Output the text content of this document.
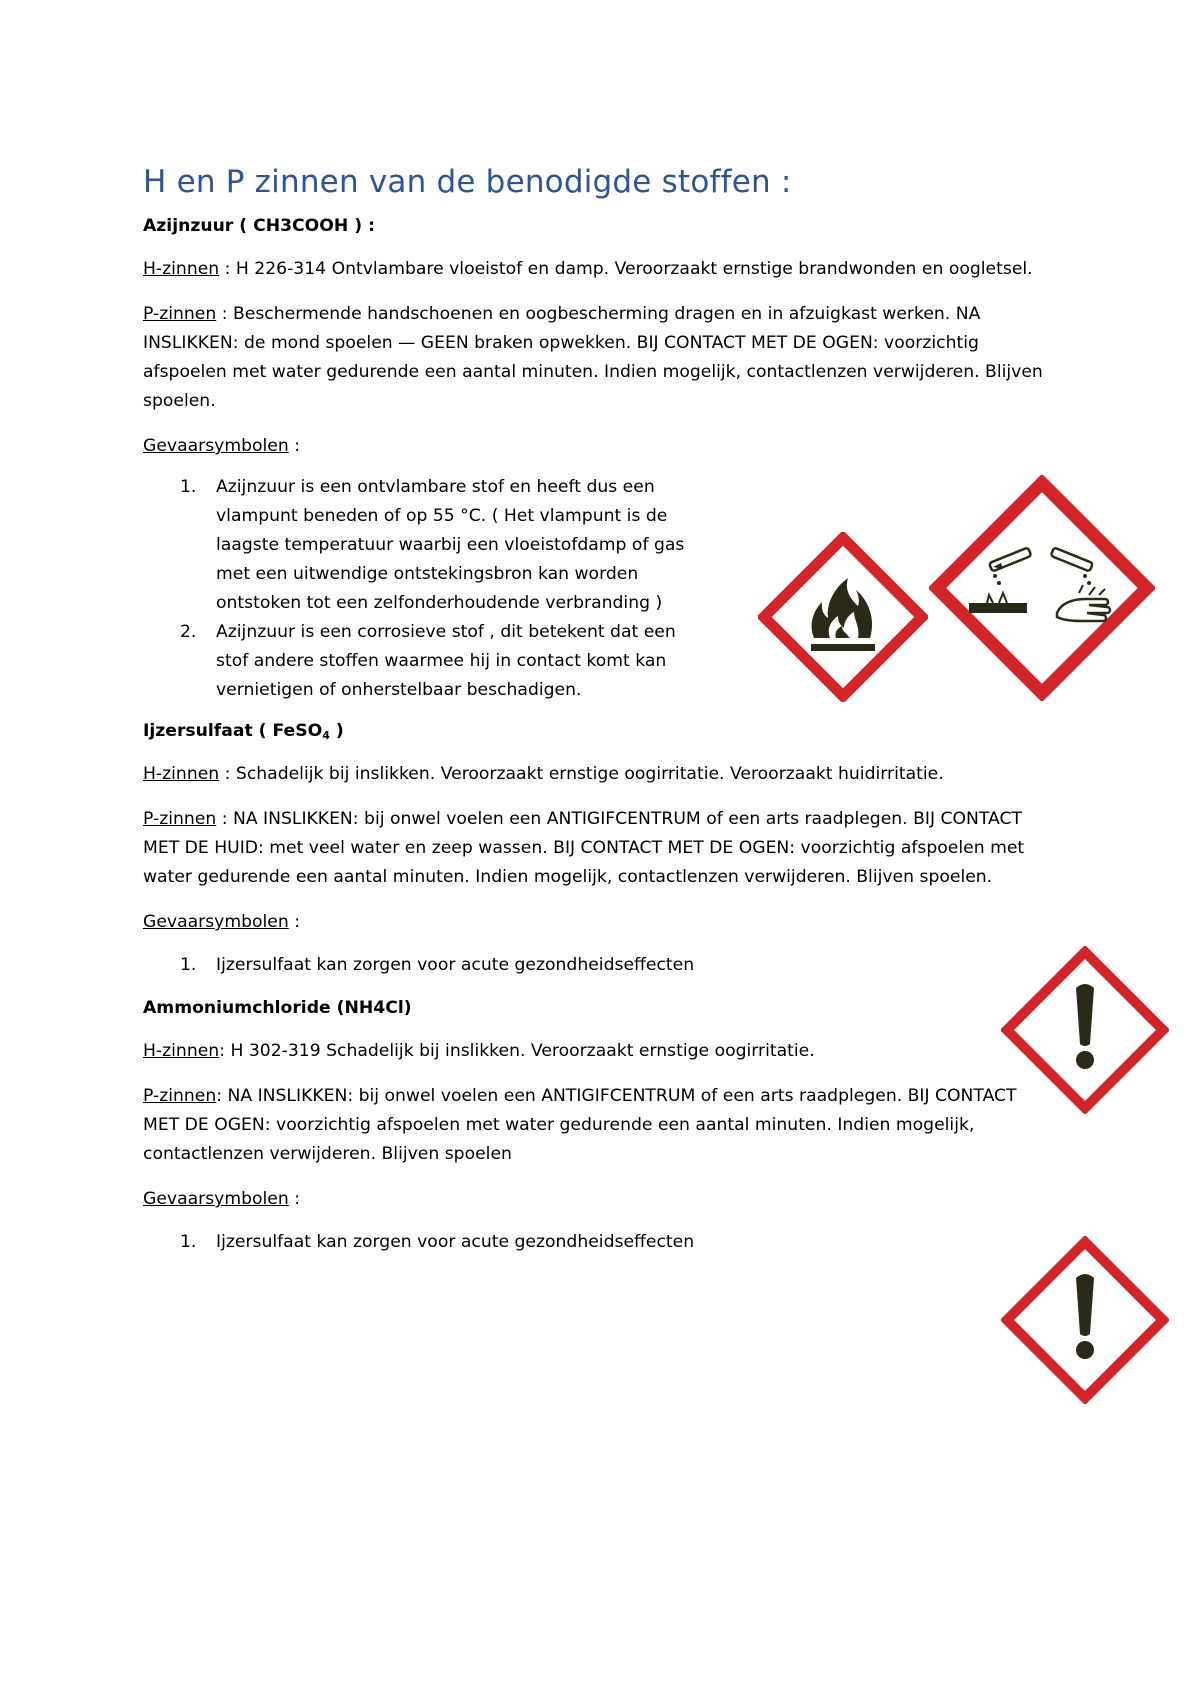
H en P zinnen van de benodigde stoffen :

Azijnzuur ( CH3COOH ) :

H-zinnen : H 226-314 Ontvlambare vloeistof en damp. Veroorzaakt ernstige brandwonden en oogletsel.

P-zinnen : Beschermende handschoenen en oogbescherming dragen en in afzuigkast werken. NA INSLIKKEN: de mond spoelen — GEEN braken opwekken. BIJ CONTACT MET DE OGEN: voorzichtig afspoelen met water gedurende een aantal minuten. Indien mogelijk, contactlenzen verwijderen. Blijven spoelen.

Gevaarsymbolen :

1. Azijnzuur is een ontvlambare stof en heeft dus een vlampunt beneden of op 55 °C. ( Het vlampunt is de laagste temperatuur waarbij een vloeistofdamp of gas met een uitwendige ontstekingsbron kan worden ontstoken tot een zelfonderhoudende verbranding )
2. Azijnzuur is een corrosieve stof , dit betekent dat een stof andere stoffen waarmee hij in contact komt kan vernietigen of onherstelbaar beschadigen.

Ijzersulfaat ( FeSO$_4$ )

H-zinnen : Schadelijk bij inslikken. Veroorzaakt ernstige oogirritatie. Veroorzaakt huidirritatie.

P-zinnen : NA INSLIKKEN: bij onwel voelen een ANTIGIFCENTRUM of een arts raadplegen. BIJ CONTACT MET DE HUID: met veel water en zeep wassen. BIJ CONTACT MET DE OGEN: voorzichtig afspoelen met water gedurende een aantal minuten. Indien mogelijk, contactlenzen verwijderen. Blijven spoelen.

Gevaarsymbolen :

1. Ijzersulfaat kan zorgen voor acute gezondheidseffecten

Ammoniumchloride (NH4Cl)

H-zinnen: H 302-319 Schadelijk bij inslikken. Veroorzaakt ernstige oogirritatie.

P-zinnen: NA INSLIKKEN: bij onwel voelen een ANTIGIFCENTRUM of een arts raadplegen. BIJ CONTACT MET DE OGEN: voorzichtig afspoelen met water gedurende een aantal minuten. Indien mogelijk, contactlenzen verwijderen. Blijven spoelen

Gevaarsymbolen :

1. Ijzersulfaat kan zorgen voor acute gezondheidseffecten
